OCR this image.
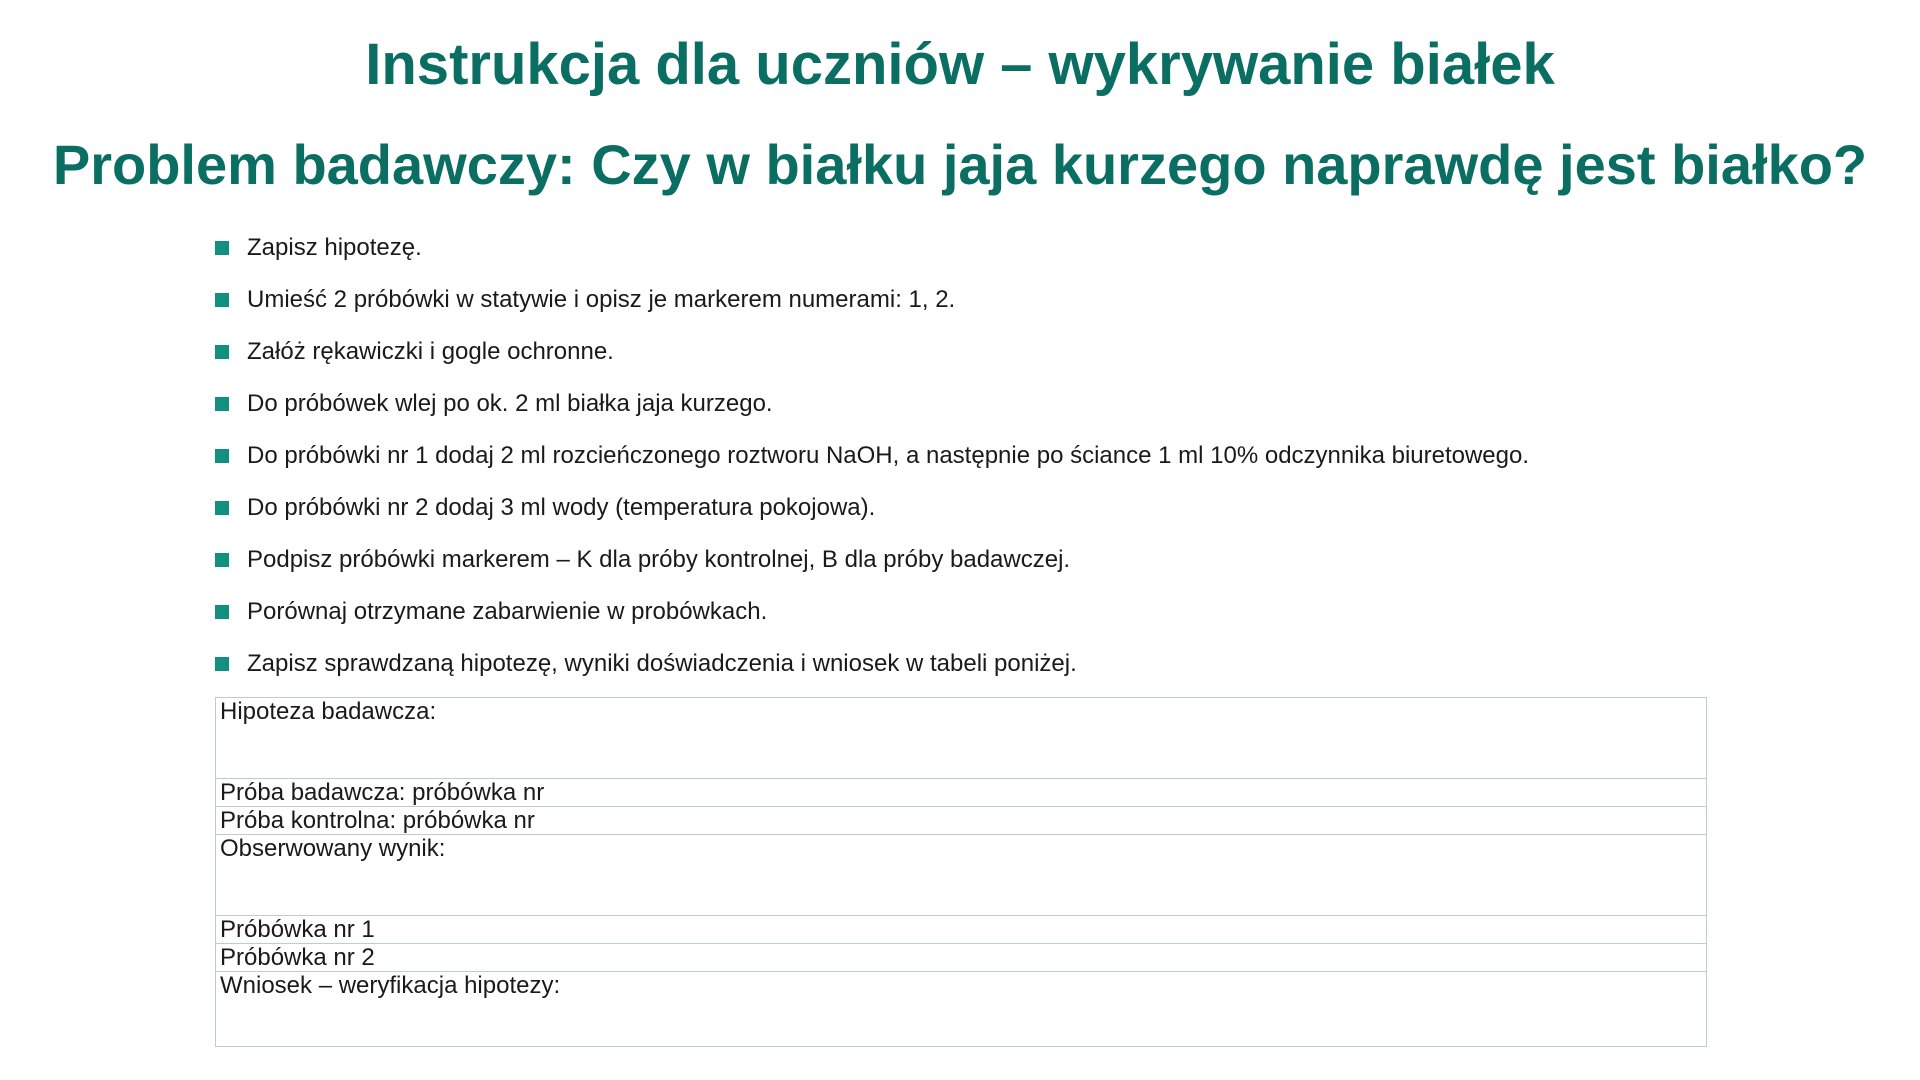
Instrukcja dla uczniów – wykrywanie białek
Problem badawczy: Czy w białku jaja kurzego naprawdę jest białko?
Zapisz hipotezę.
Umieść 2 próbówki w statywie i opisz je markerem numerami: 1, 2.
Załóż rękawiczki i gogle ochronne.
Do próbówek wlej po ok. 2 ml białka jaja kurzego.
Do próbówki nr 1 dodaj 2 ml rozcieńczonego roztworu NaOH, a następnie po ściance 1 ml 10% odczynnika biuretowego.
Do próbówki nr 2 dodaj 3 ml wody (temperatura pokojowa).
Podpisz próbówki markerem – K dla próby kontrolnej, B dla próby badawczej.
Porównaj otrzymane zabarwienie w probówkach.
Zapisz sprawdzaną hipotezę, wyniki doświadczenia i wniosek w tabeli poniżej.
Hipoteza badawcza:
Próba badawcza: próbówka nr
Próba kontrolna: próbówka nr
Obserwowany wynik:
Próbówka nr 1
Próbówka nr 2
Wniosek – weryfikacja hipotezy:
